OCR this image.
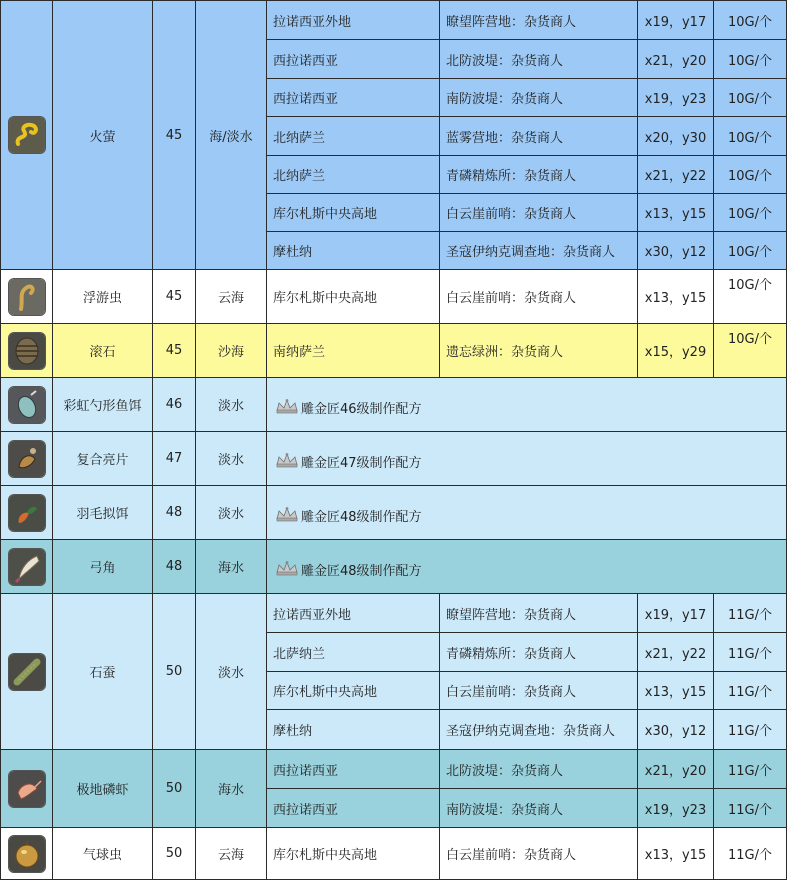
	火萤	45	海/淡水	拉诺西亚外地	瞭望阵营地：杂货商人	x19，y17	10G/个
				西拉诺西亚	北防波堤：杂货商人	x21，y20	10G/个
				西拉诺西亚	南防波堤：杂货商人	x19，y23	10G/个
				北纳萨兰	蓝雾营地：杂货商人	x20，y30	10G/个
				北纳萨兰	青磷精炼所：杂货商人	x21，y22	10G/个
				库尔札斯中央高地	白云崖前哨：杂货商人	x13，y15	10G/个
				摩杜纳	圣寇伊纳克调查地：杂货商人	x30，y12	10G/个
	浮游虫	45	云海	库尔札斯中央高地	白云崖前哨：杂货商人	x13，y15	10G/个
	滚石	45	沙海	南纳萨兰	遗忘绿洲：杂货商人	x15，y29	10G/个
	彩虹勺形鱼饵	46	淡水	雕金匠46级制作配方			

	复合亮片	47	淡水	雕金匠47级制作配方			

	羽毛拟饵	48	淡水	雕金匠48级制作配方			

	弓角	48	海水	雕金匠48级制作配方			

	石蚕	50	淡水	拉诺西亚外地	瞭望阵营地：杂货商人	x19，y17	11G/个
				北萨纳兰	青磷精炼所：杂货商人	x21，y22	11G/个
				库尔札斯中央高地	白云崖前哨：杂货商人	x13，y15	11G/个
				摩杜纳	圣寇伊纳克调查地：杂货商人	x30，y12	11G/个
	极地磷虾	50	海水	西拉诺西亚	北防波堤：杂货商人	x21，y20	11G/个
				西拉诺西亚	南防波堤：杂货商人	x19，y23	11G/个
	气球虫	50	云海	库尔札斯中央高地	白云崖前哨：杂货商人	x13，y15	11G/个
